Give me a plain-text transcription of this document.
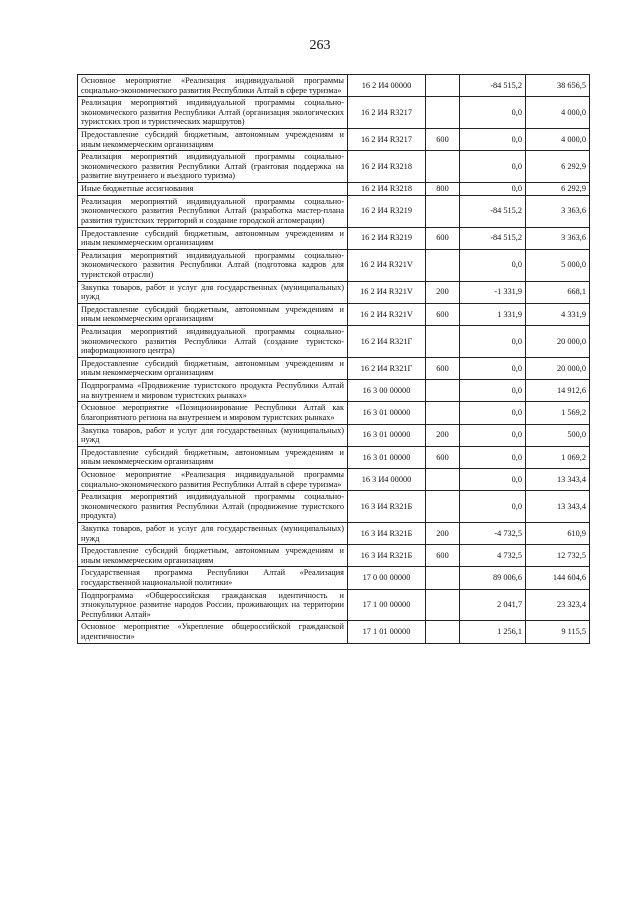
263
Основное мероприятие «Реализация индивидуальной программы социально-экономического развития Республики Алтай в сфере туризма»	16 2 И4 00000		-84 515,2	38 656,5
Реализация мероприятий индивидуальной программы социально-экономического развития Республики Алтай (организация экологических туристских троп и туристических маршрутов)	16 2 И4 R3217		0,0	4 000,0
Предоставление субсидий бюджетным, автономным учреждениям и иным некоммерческим организациям	16 2 И4 R3217	600	0,0	4 000,0
Реализация мероприятий индивидуальной программы социально-экономического развития Республики Алтай (грантовая поддержка на развитие внутреннего и въездного туризма)	16 2 И4 R3218		0,0	6 292,9
Иные бюджетные ассигнования	16 2 И4 R3218	800	0,0	6 292,9
Реализация мероприятий индивидуальной программы социально-экономического развития Республики Алтай (разработка мастер-плана развития туристских территорий и создание городской агломерации)	16 2 И4 R3219		-84 515,2	3 363,6
Предоставление субсидий бюджетным, автономным учреждениям и иным некоммерческим организациям	16 2 И4 R3219	600	-84 515,2	3 363,6
Реализация мероприятий индивидуальной программы социально-экономического развития Республики Алтай (подготовка кадров для туристской отрасли)	16 2 И4 R321V		0,0	5 000,0
Закупка товаров, работ и услуг для государственных (муниципальных) нужд	16 2 И4 R321V	200	-1 331,9	668,1
Предоставление субсидий бюджетным, автономным учреждениям и иным некоммерческим организациям	16 2 И4 R321V	600	1 331,9	4 331,9
Реализация мероприятий индивидуальной программы социально-экономического развития Республики Алтай (создание туристско-информационного центра)	16 2 И4 R321Г		0,0	20 000,0
Предоставление субсидий бюджетным, автономным учреждениям и иным некоммерческим организациям	16 2 И4 R321Г	600	0,0	20 000,0
Подпрограмма «Продвижение туристского продукта Республики Алтай на внутреннем и мировом туристских рынках»	16 3 00 00000		0,0	14 912,6
Основное мероприятие «Позиционирование Республики Алтай как благоприятного региона на внутреннем и мировом туристских рынках»	16 3 01 00000		0,0	1 569,2
Закупка товаров, работ и услуг для государственных (муниципальных) нужд	16 3 01 00000	200	0,0	500,0
Предоставление субсидий бюджетным, автономным учреждениям и иным некоммерческим организациям	16 3 01 00000	600	0,0	1 069,2
Основное мероприятие «Реализация индивидуальной программы социально-экономического развития Республики Алтай в сфере туризма»	16 3 И4 00000		0,0	13 343,4
Реализация мероприятий индивидуальной программы социально-экономического развития Республики Алтай (продвижение туристского продукта)	16 3 И4 R321Б		0,0	13 343,4
Закупка товаров, работ и услуг для государственных (муниципальных) нужд	16 3 И4 R321Б	200	-4 732,5	610,9
Предоставление субсидий бюджетным, автономным учреждениям и иным некоммерческим организациям	16 3 И4 R321Б	600	4 732,5	12 732,5
Государственная программа Республики Алтай «Реализация государственной национальной политики»	17 0 00 00000		89 006,6	144 604,6
Подпрограмма «Общероссийская гражданская идентичность и этнокультурное развитие народов России, проживающих на территории Республики Алтай»	17 1 00 00000		2 041,7	23 323,4
Основное мероприятие «Укрепление общероссийской гражданской идентичности»	17 1 01 00000		1 256,1	9 115,5
